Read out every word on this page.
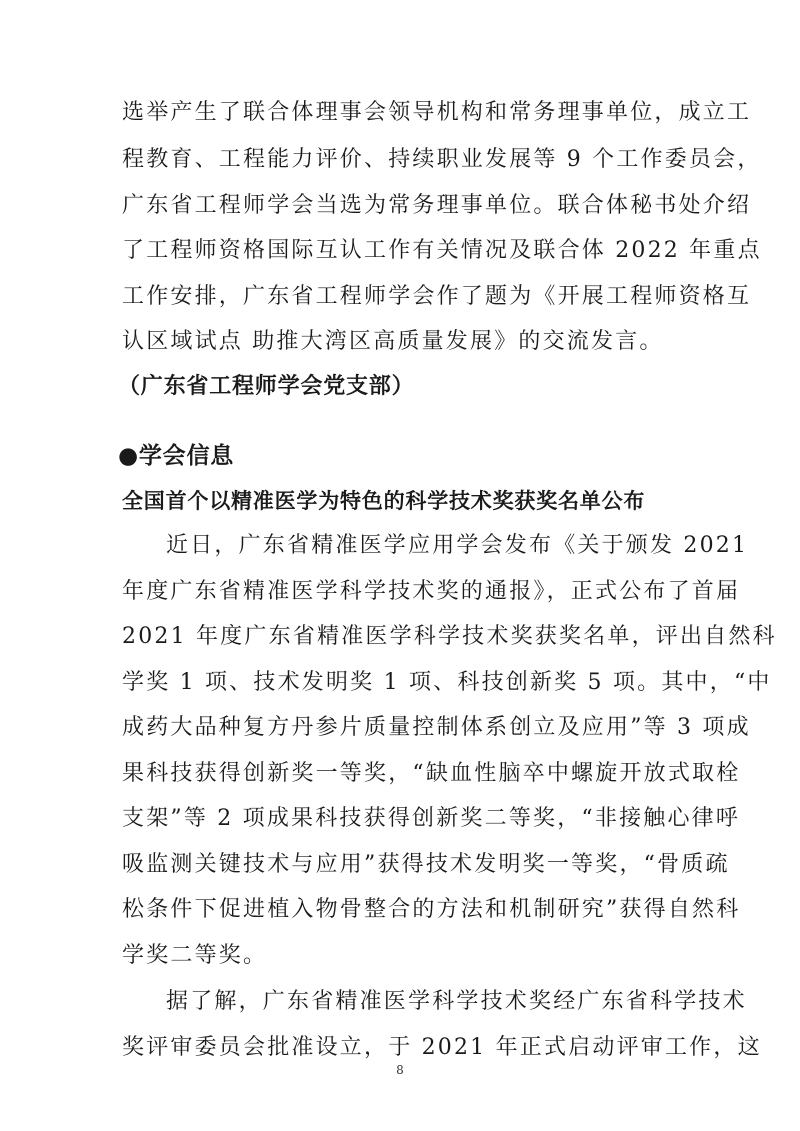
选举产生了联合体理事会领导机构和常务理事单位，成立工
程教育、工程能力评价、持续职业发展等 9 个工作委员会，
广东省工程师学会当选为常务理事单位。联合体秘书处介绍
了工程师资格国际互认工作有关情况及联合体 2022 年重点
工作安排，广东省工程师学会作了题为《开展工程师资格互
认区域试点 助推大湾区高质量发展》的交流发言。
（广东省工程师学会党支部）
●学会信息
全国首个以精准医学为特色的科学技术奖获奖名单公布
近日，广东省精准医学应用学会发布《关于颁发 2021
年度广东省精准医学科学技术奖的通报》，正式公布了首届
2021 年度广东省精准医学科学技术奖获奖名单，评出自然科
学奖 1 项、技术发明奖 1 项、科技创新奖 5 项。其中，“中
成药大品种复方丹参片质量控制体系创立及应用”等 3 项成
果科技获得创新奖一等奖，“缺血性脑卒中螺旋开放式取栓
支架”等 2 项成果科技获得创新奖二等奖，“非接触心律呼
吸监测关键技术与应用”获得技术发明奖一等奖，“骨质疏
松条件下促进植入物骨整合的方法和机制研究”获得自然科
学奖二等奖。
据了解，广东省精准医学科学技术奖经广东省科学技术
奖评审委员会批准设立，于 2021 年正式启动评审工作，这
8
